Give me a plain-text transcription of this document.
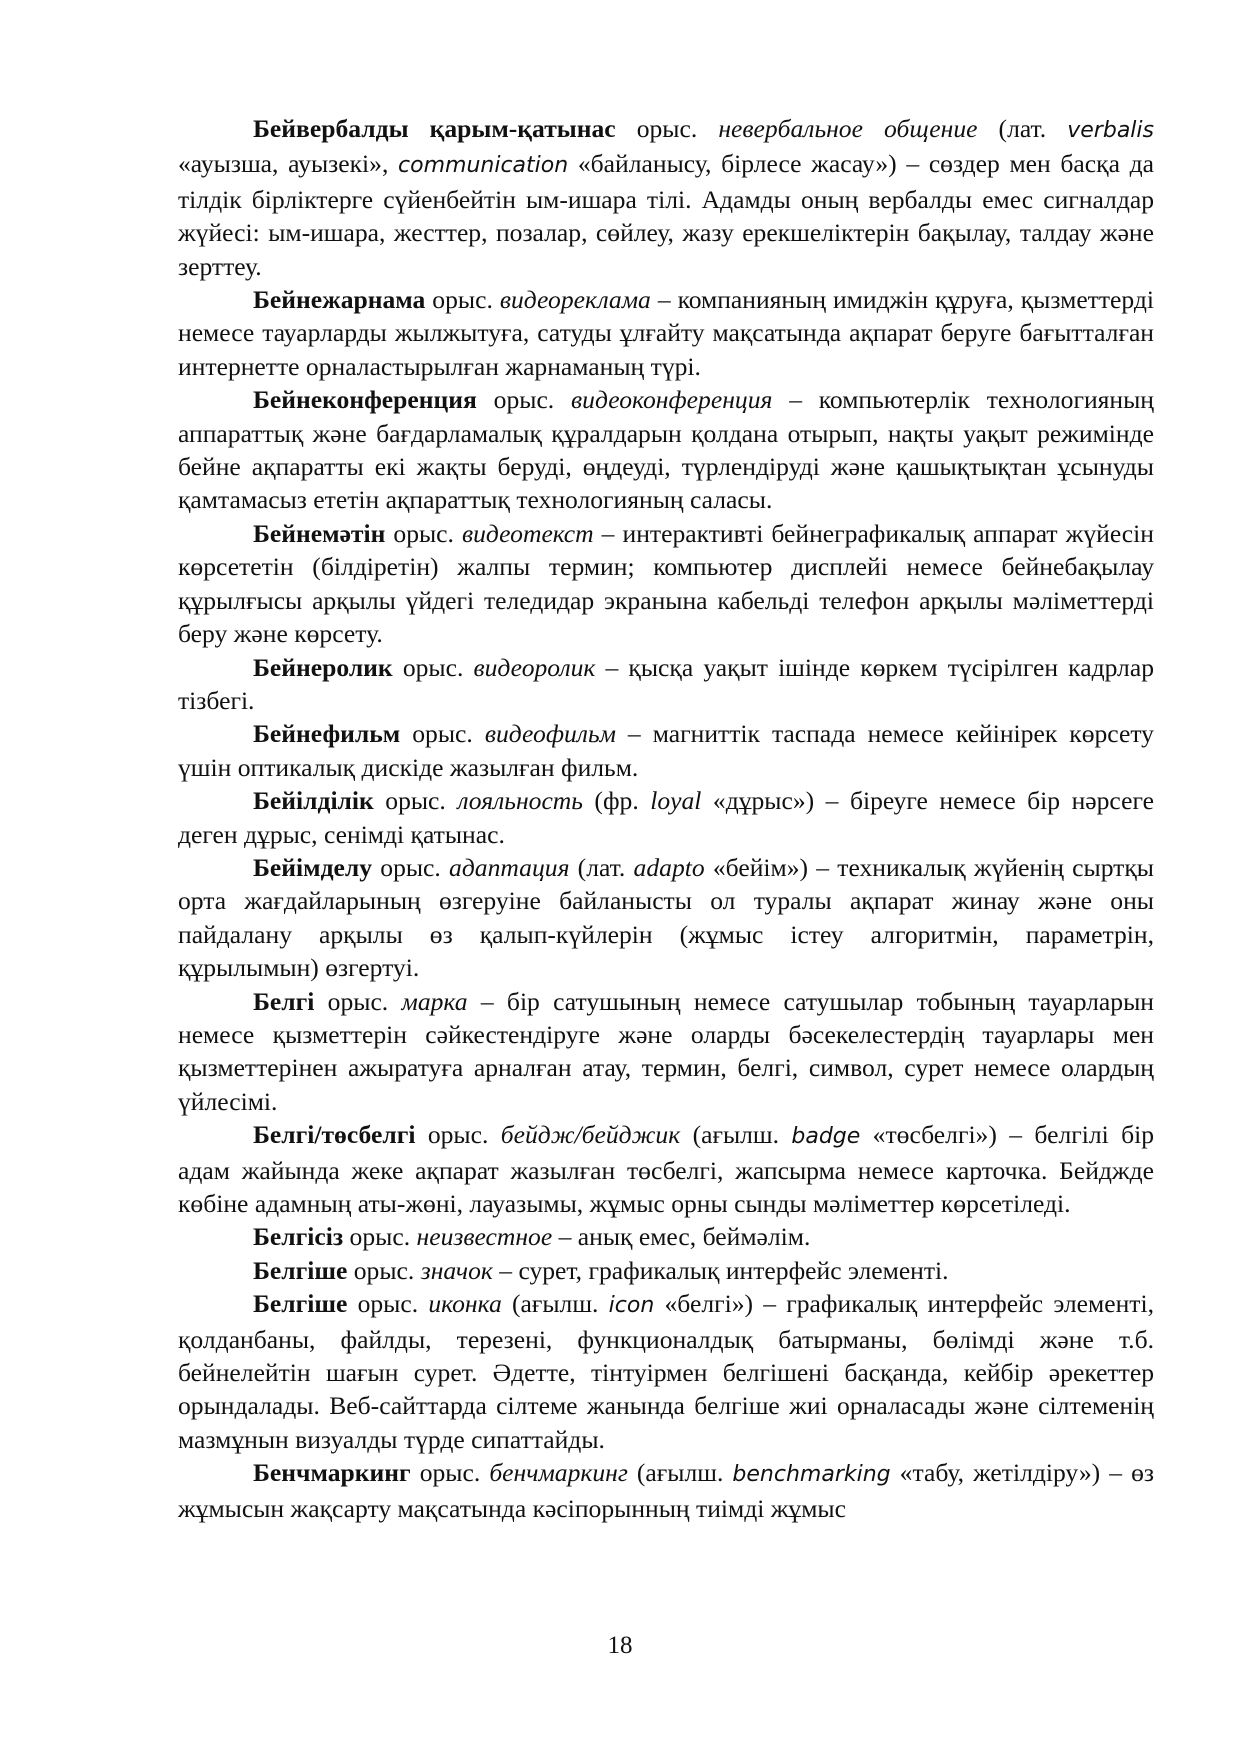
Бейвербалды қарым-қатынас орыс. невербальное общение (лат. verbalis «ауызша, ауызекі», communication «байланысу, бірлесе жасау») – сөздер мен басқа да тілдік бірліктерге сүйенбейтін ым-ишара тілі. Адамды оның вербалды емес сигналдар жүйесі: ым-ишара, жесттер, позалар, сөйлеу, жазу ерекшеліктерін бақылау, талдау және зерттеу.

Бейнежарнама орыс. видеореклама – компанияның имиджін құруға, қызметтерді немесе тауарларды жылжытуға, сатуды ұлғайту мақсатында ақпарат беруге бағытталған интернетте орналастырылған жарнаманың түрі.

Бейнеконференция орыс. видеоконференция – компьютерлік технологияның аппараттық және бағдарламалық құралдарын қолдана отырып, нақты уақыт режимінде бейне ақпаратты екі жақты беруді, өңдеуді, түрлендіруді және қашықтықтан ұсынуды қамтамасыз ететін ақпараттық технологияның саласы.

Бейнемәтін орыс. видеотекст – интерактивті бейнеграфикалық аппарат жүйесін көрсететін (білдіретін) жалпы термин; компьютер дисплейі немесе бейнебақылау құрылғысы арқылы үйдегі теледидар экранына кабельді телефон арқылы мәліметтерді беру және көрсету.

Бейнеролик орыс. видеоролик – қысқа уақыт ішінде көркем түсірілген кадрлар тізбегі.

Бейнефильм орыс. видеофильм – магниттік таспада немесе кейінірек көрсету үшін оптикалық дискіде жазылған фильм.

Бейілділік орыс. лояльность (фр. loyal «дұрыс») – біреуге немесе бір нәрсеге деген дұрыс, сенімді қатынас.

Бейімделу орыс. адаптация (лат. adapto «бейім») – техникалық жүйенің сыртқы орта жағдайларының өзгеруіне байланысты ол туралы ақпарат жинау және оны пайдалану арқылы өз қалып-күйлерін (жұмыс істеу алгоритмін, параметрін, құрылымын) өзгертуі.

Белгі орыс. марка – бір сатушының немесе сатушылар тобының тауарларын немесе қызметтерін сәйкестендіруге және оларды бәсекелестердің тауарлары мен қызметтерінен ажыратуға арналған атау, термин, белгі, символ, сурет немесе олардың үйлесімі.

Белгі/төсбелгі орыс. бейдж/бейджик (ағылш. badge «төсбелгі») – белгілі бір адам жайында жеке ақпарат жазылған төсбелгі, жапсырма немесе карточка. Бейджде көбіне адамның аты-жөні, лауазымы, жұмыс орны сынды мәліметтер көрсетіледі.

Белгісіз орыс. неизвестное – анық емес, беймәлім.

Белгіше орыс. значок – сурет, графикалық интерфейс элементі.

Белгіше орыс. иконка (ағылш. icon «белгі») – графикалық интерфейс элементі, қолданбаны, файлды, терезені, функционалдық батырманы, бөлімді және т.б. бейнелейтін шағын сурет. Әдетте, тінтуірмен белгішені басқанда, кейбір әрекеттер орындалады. Веб-сайттарда сілтеме жанында белгіше жиі орналасады және сілтеменің мазмұнын визуалды түрде сипаттайды.

Бенчмаркинг орыс. бенчмаркинг (ағылш. benchmarking «табу, жетілдіру») – өз жұмысын жақсарту мақсатында кәсіпорынның тиімді жұмыс

18
